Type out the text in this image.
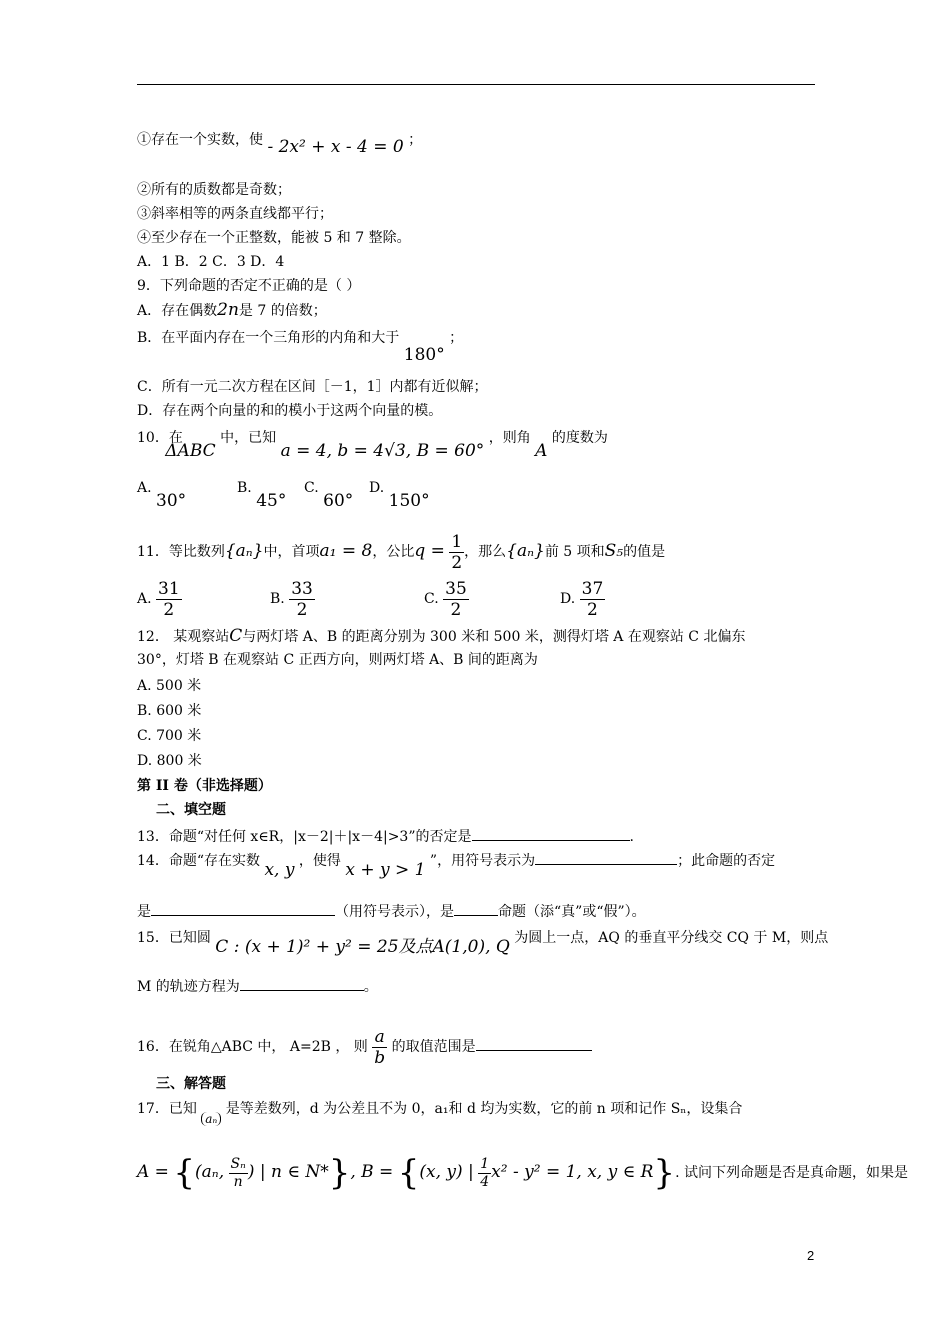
①存在一个实数，使 - 2x² + x - 4 = 0 ；
②所有的质数都是奇数；
③斜率相等的两条直线都平行；
④至少存在一个正整数，能被 5 和 7 整除。
A．1 B．2 C．3 D．4
9．下列命题的否定不正确的是（ ）
A．存在偶数2n是 7 的倍数；
B．在平面内存在一个三角形的内角和大于 180° ；
C．所有一元二次方程在区间［－1，1］内都有近似解；
D．存在两个向量的和的模小于这两个向量的模。
10．在 ΔABC 中，已知 a = 4, b = 4√3, B = 60° ，则角 A 的度数为
A. 30°
B. 45°
C. 60°
D. 150°
11．等比数列{aₙ}中，首项a₁ = 8，公比$q = \frac{1}{2}$ ，那么{aₙ}前 5 项和S₅的值是
A. $\frac{31}{2}$	B. $\frac{33}{2}$	C. $\frac{35}{2}$	D. $\frac{37}{2}$
12． 某观察站C与两灯塔 A、B 的距离分别为 300 米和 500 米，测得灯塔 A 在观察站 C 北偏东
30°，灯塔 B 在观察站 C 正西方向，则两灯塔 A、B 间的距离为
A. 500 米
B. 600 米
C. 700 米
D. 800 米
第 II 卷（非选择题）
二、填空题
13．命题“对任何 x∈R，|x－2|＋|x－4|>3”的否定是	.
14．命题“存在实数 x, y ，使得 x + y > 1 ”，用符号表示为	；此命题的否定
是	（用符号表示），是	命题（添“真”或“假”）。
15．已知圆 C : (x + 1)² + y² = 25及点A(1,0), Q 为圆上一点，AQ 的垂直平分线交 CQ 于 M，则点
M 的轨迹方程为	。
16．在锐角△ABC 中， A=2B ， 则 $\frac{a}{b}$ 的取值范围是
三、解答题
17．已知 aₙ 是等差数列，d 为公差且不为 0，a₁和 d 均为实数，它的前 n 项和记作 Sₙ，设集合
A = {(aₙ, $\frac{\text{Sₙ}}{n}$ ) | n ∈ N*}, B = {(x, y) | $\frac{1}{4} x^2 - y^2 = 1$, x, y ∈ R}. 试问下列命题是否是真命题，如果是
2
